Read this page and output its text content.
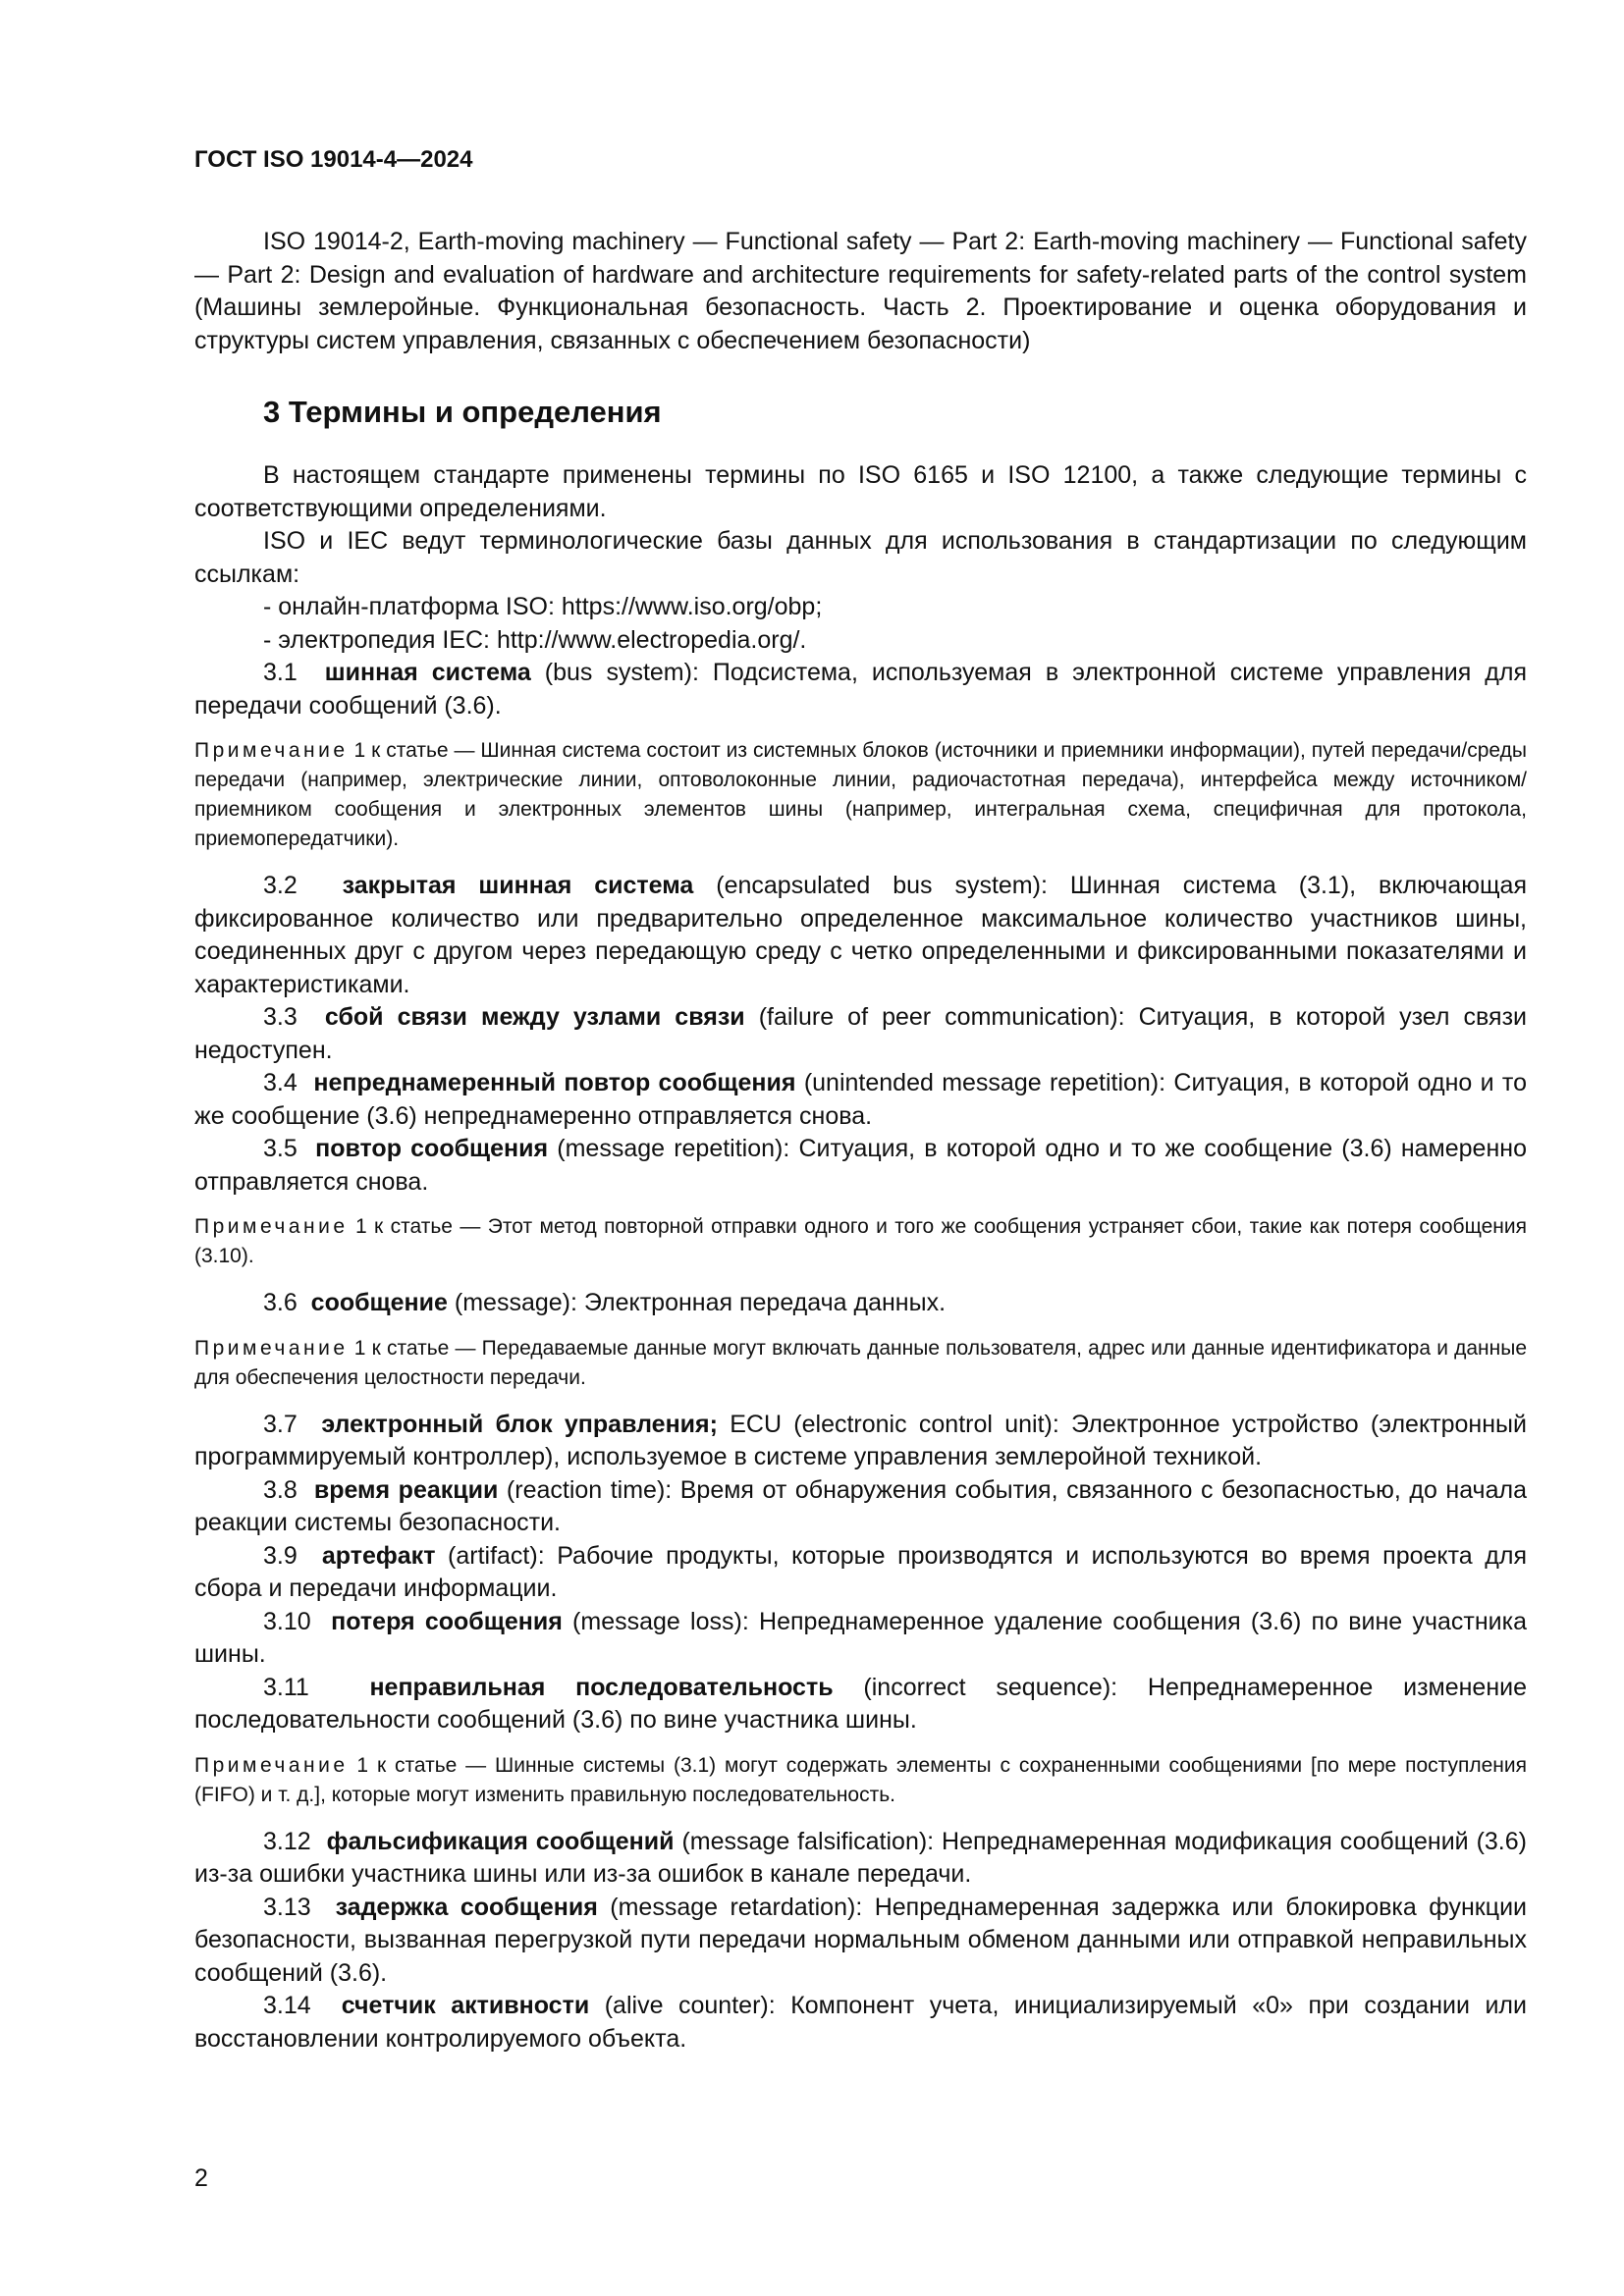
ГОСТ ISO 19014-4—2024

ISO 19014-2, Earth-moving machinery — Functional safety — Part 2: Earth-moving machinery — Functional safety — Part 2: Design and evaluation of hardware and architecture requirements for safety-related parts of the control system (Машины землеройные. Функциональная безопасность. Часть 2. Проектирование и оценка оборудования и структуры систем управления, связанных с обеспечением безопасности)

3 Термины и определения

В настоящем стандарте применены термины по ISO 6165 и ISO 12100, а также следующие термины с соответствующими определениями.

ISO и IEC ведут терминологические базы данных для использования в стандартизации по следующим ссылкам:

- онлайн-платформа ISO: https://www.iso.org/obp;

- электропедия IEC: http://www.electropedia.org/.

3.1 шинная система (bus system): Подсистема, используемая в электронной системе управления для передачи сообщений (3.6).

Примечание 1 к статье — Шинная система состоит из системных блоков (источники и приемники информации), путей передачи/среды передачи (например, электрические линии, оптоволоконные линии, радиочастотная передача), интерфейса между источником/приемником сообщения и электронных элементов шины (например, интегральная схема, специфичная для протокола, приемопередатчики).

3.2 закрытая шинная система (encapsulated bus system): Шинная система (3.1), включающая фиксированное количество или предварительно определенное максимальное количество участников шины, соединенных друг с другом через передающую среду с четко определенными и фиксированными показателями и характеристиками.

3.3 сбой связи между узлами связи (failure of peer communication): Ситуация, в которой узел связи недоступен.

3.4 непреднамеренный повтор сообщения (unintended message repetition): Ситуация, в которой одно и то же сообщение (3.6) непреднамеренно отправляется снова.

3.5 повтор сообщения (message repetition): Ситуация, в которой одно и то же сообщение (3.6) намеренно отправляется снова.

Примечание 1 к статье — Этот метод повторной отправки одного и того же сообщения устраняет сбои, такие как потеря сообщения (3.10).

3.6 сообщение (message): Электронная передача данных.

Примечание 1 к статье — Передаваемые данные могут включать данные пользователя, адрес или данные идентификатора и данные для обеспечения целостности передачи.

3.7 электронный блок управления; ECU (electronic control unit): Электронное устройство (электронный программируемый контроллер), используемое в системе управления землеройной техникой.

3.8 время реакции (reaction time): Время от обнаружения события, связанного с безопасностью, до начала реакции системы безопасности.

3.9 артефакт (artifact): Рабочие продукты, которые производятся и используются во время проекта для сбора и передачи информации.

3.10 потеря сообщения (message loss): Непреднамеренное удаление сообщения (3.6) по вине участника шины.

3.11 неправильная последовательность (incorrect sequence): Непреднамеренное изменение последовательности сообщений (3.6) по вине участника шины.

Примечание 1 к статье — Шинные системы (3.1) могут содержать элементы с сохраненными сообщениями [по мере поступления (FIFO) и т. д.], которые могут изменить правильную последовательность.

3.12 фальсификация сообщений (message falsification): Непреднамеренная модификация сообщений (3.6) из-за ошибки участника шины или из-за ошибок в канале передачи.

3.13 задержка сообщения (message retardation): Непреднамеренная задержка или блокировка функции безопасности, вызванная перегрузкой пути передачи нормальным обменом данными или отправкой неправильных сообщений (3.6).

3.14 счетчик активности (alive counter): Компонент учета, инициализируемый «0» при создании или восстановлении контролируемого объекта.

2
